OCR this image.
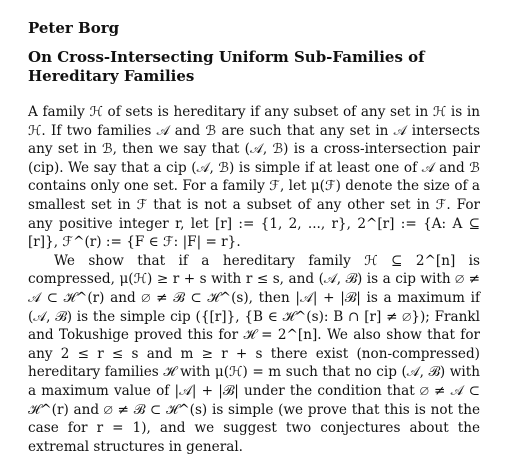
Peter Borg
On Cross-Intersecting Uniform Sub-Families of Hereditary Families

A family ℋ of sets is hereditary if any subset of any set in ℋ is in ℋ. If two families 𝒜 and ℬ are such that any set in 𝒜 intersects any set in ℬ, then we say that (𝒜, ℬ) is a cross-intersection pair (cip). We say that a cip (𝒜, ℬ) is simple if at least one of 𝒜 and ℬ contains only one set. For a family ℱ, let μ(ℱ) denote the size of a smallest set in ℱ that is not a subset of any other set in ℱ. For any positive integer r, let [r] := {1, 2, ..., r}, 2^[r] := {A: A ⊆ [r]}, ℱ^(r) := {F ∈ ℱ: |F| = r}.

We show that if a hereditary family ℋ ⊆ 2^[n] is compressed, μ(ℋ) ≥ r + s with r ≤ s, and (𝒜, ℬ) is a cip with ∅ ≠ 𝒜 ⊂ ℋ^(r) and ∅ ≠ ℬ ⊂ ℋ^(s), then |𝒜| + |ℬ| is a maximum if (𝒜, ℬ) is the simple cip ({[r]}, {B ∈ ℋ^(s): B ∩ [r] ≠ ∅}); Frankl and Tokushige proved this for ℋ = 2^[n]. We also show that for any 2 ≤ r ≤ s and m ≥ r + s there exist (non-compressed) hereditary families ℋ with μ(ℋ) = m such that no cip (𝒜, ℬ) with a maximum value of |𝒜| + |ℬ| under the condition that ∅ ≠ 𝒜 ⊂ ℋ^(r) and ∅ ≠ ℬ ⊂ ℋ^(s) is simple (we prove that this is not the case for r = 1), and we suggest two conjectures about the extremal structures in general.
